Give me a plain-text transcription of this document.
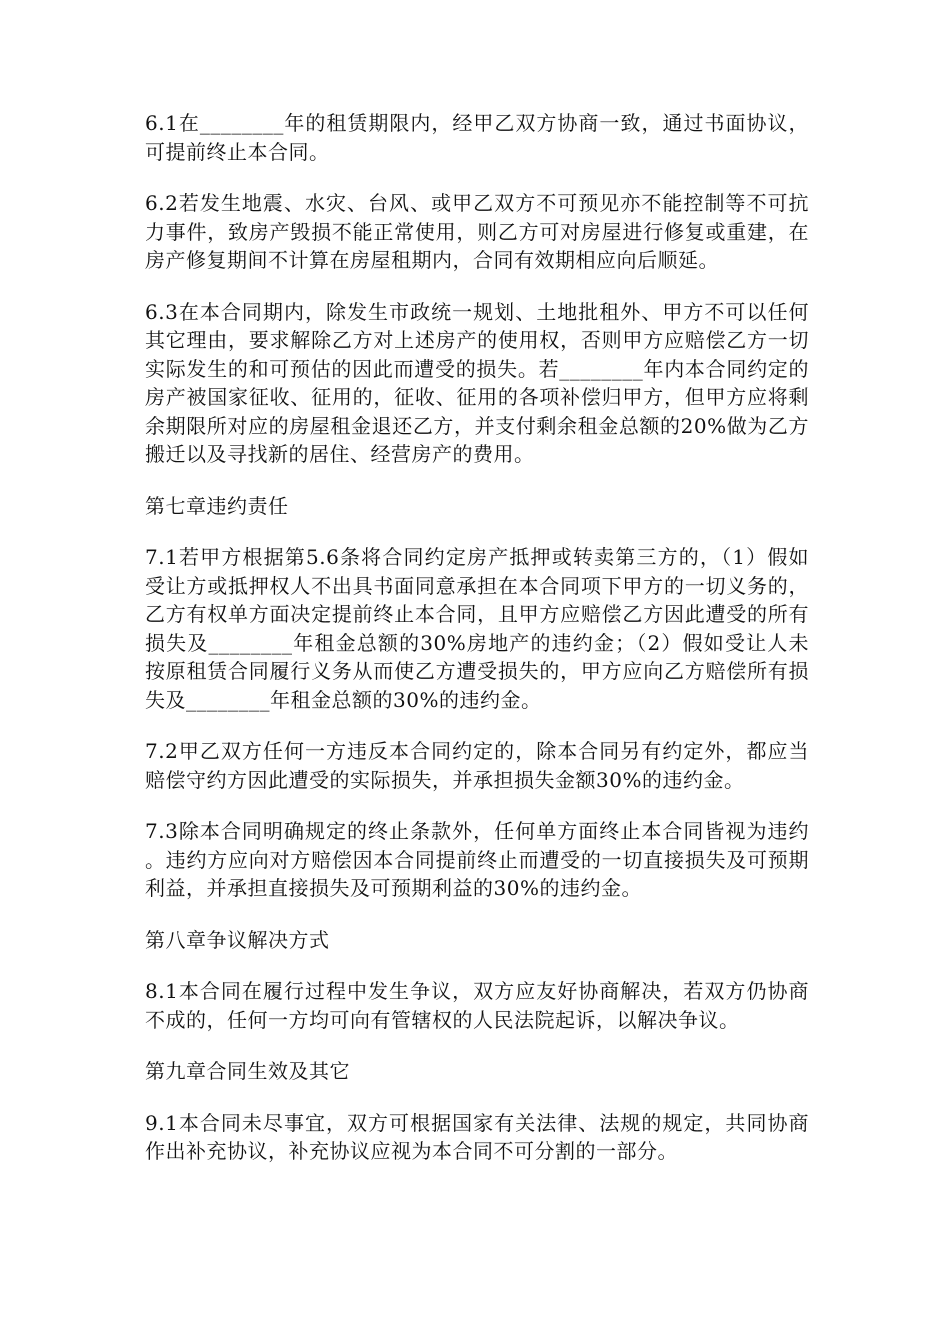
6.1在________年的租赁期限内，经甲乙双方协商一致，通过书面协议，可提前终止本合同。

6.2若发生地震、水灾、台风、或甲乙双方不可预见亦不能控制等不可抗力事件，致房产毁损不能正常使用，则乙方可对房屋进行修复或重建，在房产修复期间不计算在房屋租期内，合同有效期相应向后顺延。

6.3在本合同期内，除发生市政统一规划、土地批租外、甲方不可以任何其它理由，要求解除乙方对上述房产的使用权，否则甲方应赔偿乙方一切实际发生的和可预估的因此而遭受的损失。若________年内本合同约定的房产被国家征收、征用的，征收、征用的各项补偿归甲方，但甲方应将剩余期限所对应的房屋租金退还乙方，并支付剩余租金总额的20%做为乙方搬迁以及寻找新的居住、经营房产的费用。

第七章违约责任

7.1若甲方根据第5.6条将合同约定房产抵押或转卖第三方的，（1）假如受让方或抵押权人不出具书面同意承担在本合同项下甲方的一切义务的，乙方有权单方面决定提前终止本合同，且甲方应赔偿乙方因此遭受的所有损失及________年租金总额的30%房地产的违约金；（2）假如受让人未按原租赁合同履行义务从而使乙方遭受损失的，甲方应向乙方赔偿所有损失及________年租金总额的30%的违约金。

7.2甲乙双方任何一方违反本合同约定的，除本合同另有约定外，都应当赔偿守约方因此遭受的实际损失，并承担损失金额30%的违约金。

7.3除本合同明确规定的终止条款外，任何单方面终止本合同皆视为违约。违约方应向对方赔偿因本合同提前终止而遭受的一切直接损失及可预期利益，并承担直接损失及可预期利益的30%的违约金。

第八章争议解决方式

8.1本合同在履行过程中发生争议，双方应友好协商解决，若双方仍协商不成的，任何一方均可向有管辖权的人民法院起诉，以解决争议。

第九章合同生效及其它

9.1本合同未尽事宜，双方可根据国家有关法律、法规的规定，共同协商作出补充协议，补充协议应视为本合同不可分割的一部分。
